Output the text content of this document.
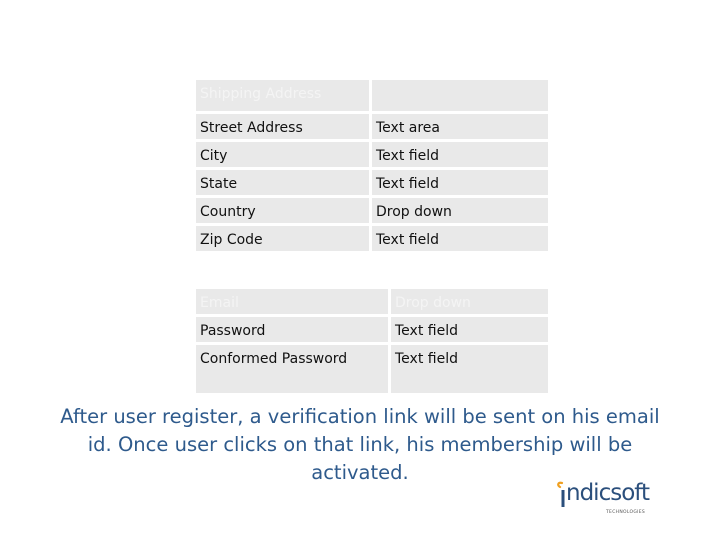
Shipping Address	
Street Address	Text area
City	Text field
State	Text field
Country	Drop down
Zip Code	Text field
Email	Drop down
Password	Text field
Conformed Password	Text field

After user register, a verification link will be sent on his email id. Once user clicks on that link, his membership will be activated.

ndicsoft
TECHNOLOGIES
